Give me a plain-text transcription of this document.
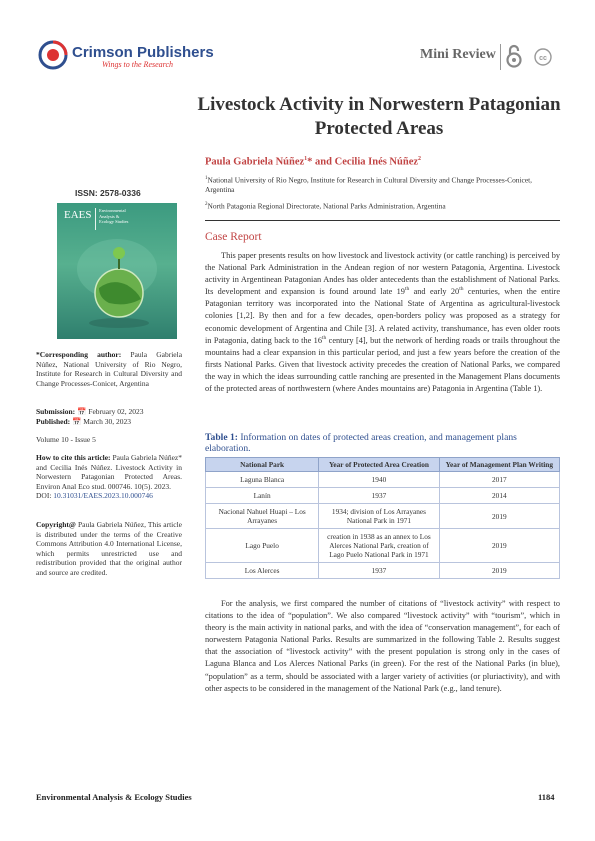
Crimson Publishers
Wings to the Research
Mini Review	cc
Livestock Activity in Norwestern Patagonian Protected Areas
Paula Gabriela Núñez$^1$* and Cecilia Inés Núñez$^2$
$^1$National University of Rio Negro, Institute for Research in Cultural Diversity and Change Processes-Conicet, Argentina
$^2$North Patagonia Regional Directorate, National Parks Administration, Argentina
Case Report
ISSN: 2578-0336
EAES Environmental
Analysis &
Ecology Studies
*Corresponding author: Paula Gabriela Núñez, National University of Rio Negro, Institute for Research in Cultural Diversity and Change Processes-Conicet, Argentina
Submission: 📅 February 02, 2023
Published: 📅 March 30, 2023
Volume 10 - Issue 5
How to cite this article: Paula Gabriela Núñez* and Cecilia Inés Núñez. Livestock Activity in Norwestern Patagonian Protected Areas. Environ Anal Eco stud. 000746. 10(5). 2023.
DOI: 10.31031/EAES.2023.10.000746
Copyright@ Paula Gabriela Núñez, This article is distributed under the terms of the Creative Commons Attribution 4.0 International License, which permits unrestricted use and redistribution provided that the original author and source are credited.

This paper presents results on how livestock and livestock activity (or cattle ranching) is perceived by the National Park Administration in the Andean region of nor western Patagonia, Argentina. Livestock activity in Argentinean Patagonian Andes has older antecedents than the establishment of National Parks. Its development and expansion is found around late 19th and early 20th centuries, when the entire Patagonian territory was incorporated into the National State of Argentina as agricultural-livestock colonies [1,2]. By then and for a few decades, open-borders policy was proposed as a strategy for economic development of Argentina and Chile [3]. A related activity, transhumance, has even older roots in Patagonia, dating back to the 16th century [4], but the network of herding roads or trails throughout the mountains had a clear expansion in this particular period, and just a few years before the creation of the firsts National Parks. Given that livestock activity precedes the creation of National Parks, we compared the way in which the ideas surrounding cattle ranching are presented in the Management Plans documents of the protected areas of northwestern (where Andes mountains are) Patagonia in Argentina (Table 1).

Table 1: Information on dates of protected areas creation, and management plans elaboration.
National Park	Year of Protected Area Creation	Year of Management Plan Writing
Laguna Blanca	1940	2017
Lanín	1937	2014
Nacional Nahuel Huapi – Los Arrayanes	1934; division of Los Arrayanes National Park in 1971	2019
Lago Puelo	creation in 1938 as an annex to Los Alerces National Park, creation of Lago Puelo National Park in 1971	2019
Los Alerces	1937	2019

For the analysis, we first compared the number of citations of “livestock activity” with respect to citations to the idea of “population”. We also compared “livestock activity” with “tourism”, which in theory is the main activity in national parks, and with the idea of “conservation management”, for each of norwestern Patagonia National Parks. Results are summarized in the following Table 2. Results suggest that the association of “livestock activity” with the present population is strong only in the cases of Laguna Blanca and Los Alerces National Parks (in green). For the rest of the National Parks (in blue), “population” as a term, should be associated with a larger variety of activities (or pluriactivity), and with other aspects to be considered in the management of the National Park (e.g., land tenure).

Environmental Analysis & Ecology Studies	1184
